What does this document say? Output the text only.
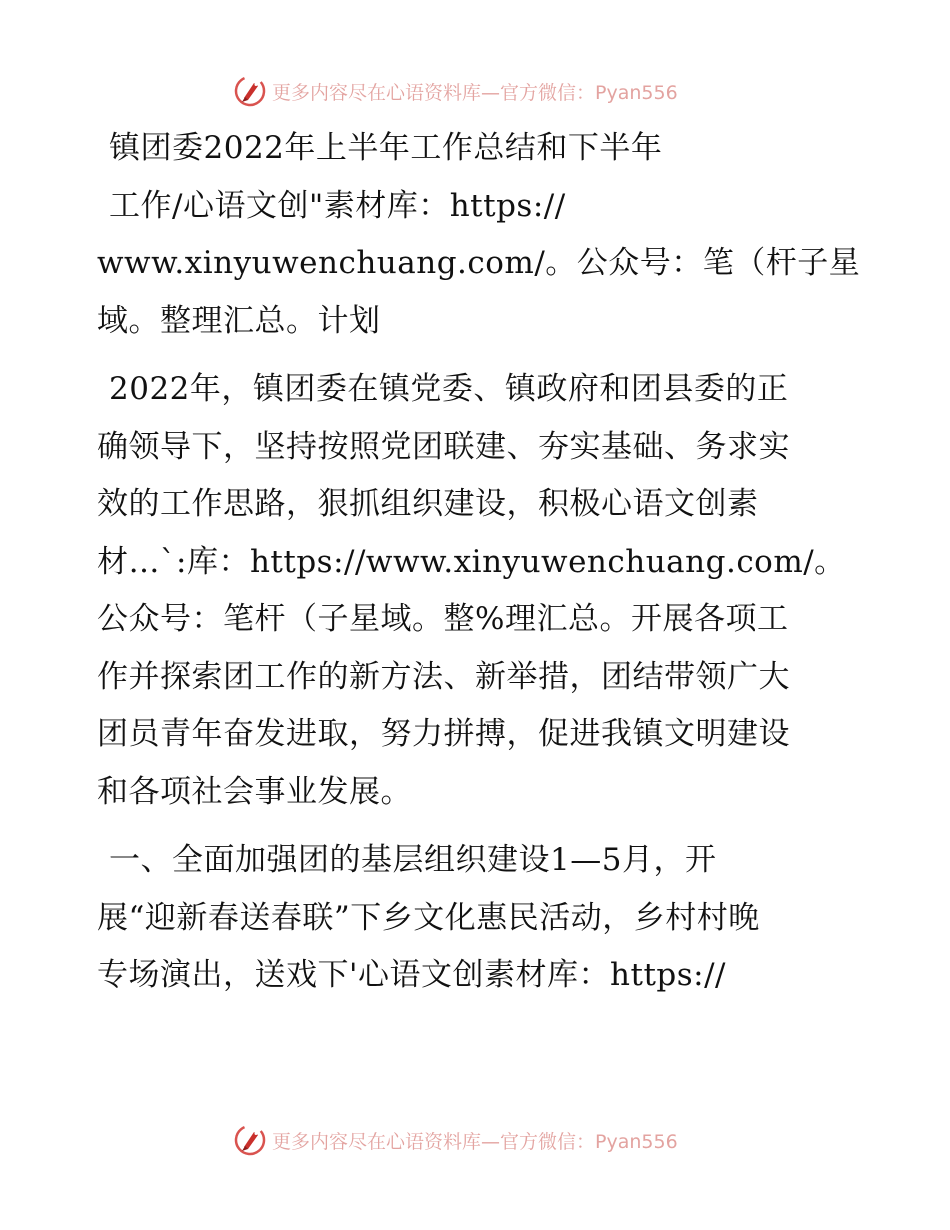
更多内容尽在心语资料库—官方微信：Pyan556
镇团委2022年上半年工作总结和下半年
工作/心语文创"素材库：https://
www.xinyuwenchuang.com/。公众号：笔（杆子星
域。整理汇总。计划
2022年，镇团委在镇党委、镇政府和团县委的正
确领导下，坚持按照党团联建、夯实基础、务求实
效的工作思路，狠抓组织建设，积极心语文创素
材…`:库：https://www.xinyuwenchuang.com/。
公众号：笔杆（子星域。整%理汇总。开展各项工
作并探索团工作的新方法、新举措，团结带领广大
团员青年奋发进取，努力拼搏，促进我镇文明建设
和各项社会事业发展。
一、全面加强团的基层组织建设1—5月，开
展“迎新春送春联”下乡文化惠民活动，乡村村晚
专场演出，送戏下'心语文创素材库：https://
更多内容尽在心语资料库—官方微信：Pyan556
